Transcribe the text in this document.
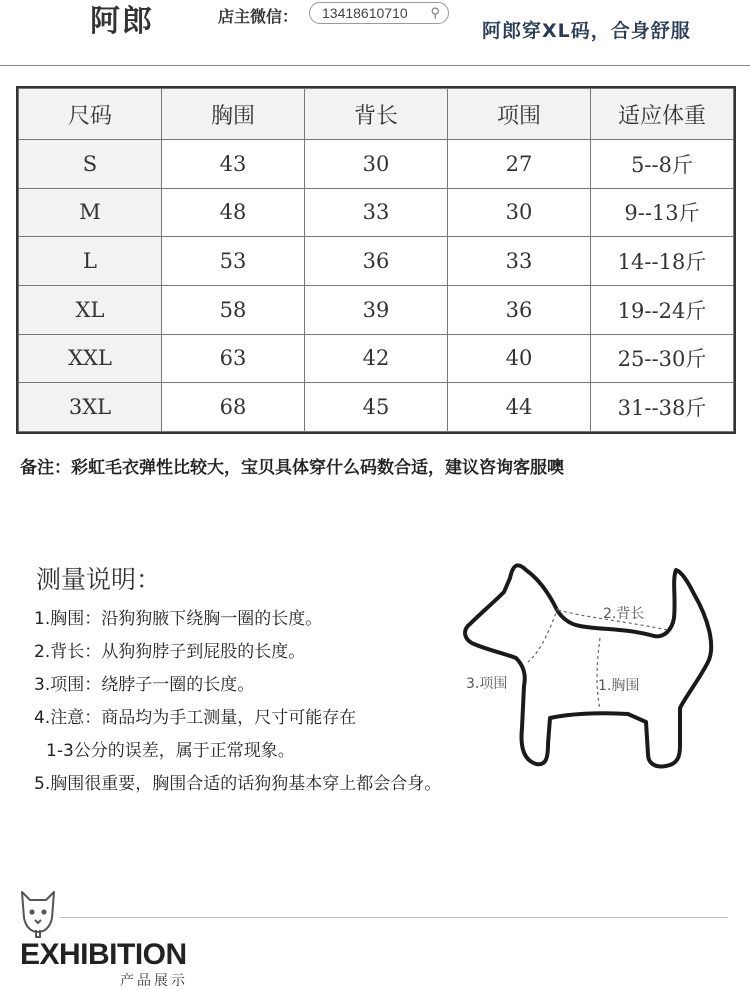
阿郎	店主微信：	13418610710 ⚲
阿郎穿XL码，合身舒服
尺码	胸围	背长	项围	适应体重
S	43	30	27	5--8斤
M	48	33	30	9--13斤
L	53	36	33	14--18斤
XL	58	39	36	19--24斤
XXL	63	42	40	25--30斤
3XL	68	45	44	31--38斤
备注：彩虹毛衣弹性比较大，宝贝具体穿什么码数合适，建议咨询客服噢
测量说明：
1.胸围：沿狗狗腋下绕胸一圈的长度。
2.背长：从狗狗脖子到屁股的长度。
3.项围：绕脖子一圈的长度。
4.注意：商品均为手工测量，尺寸可能存在
1-3公分的误差，属于正常现象。
5.胸围很重要，胸围合适的话狗狗基本穿上都会合身。
2.背长
3.项围	1.胸围
EXHIBITION
产品展示
